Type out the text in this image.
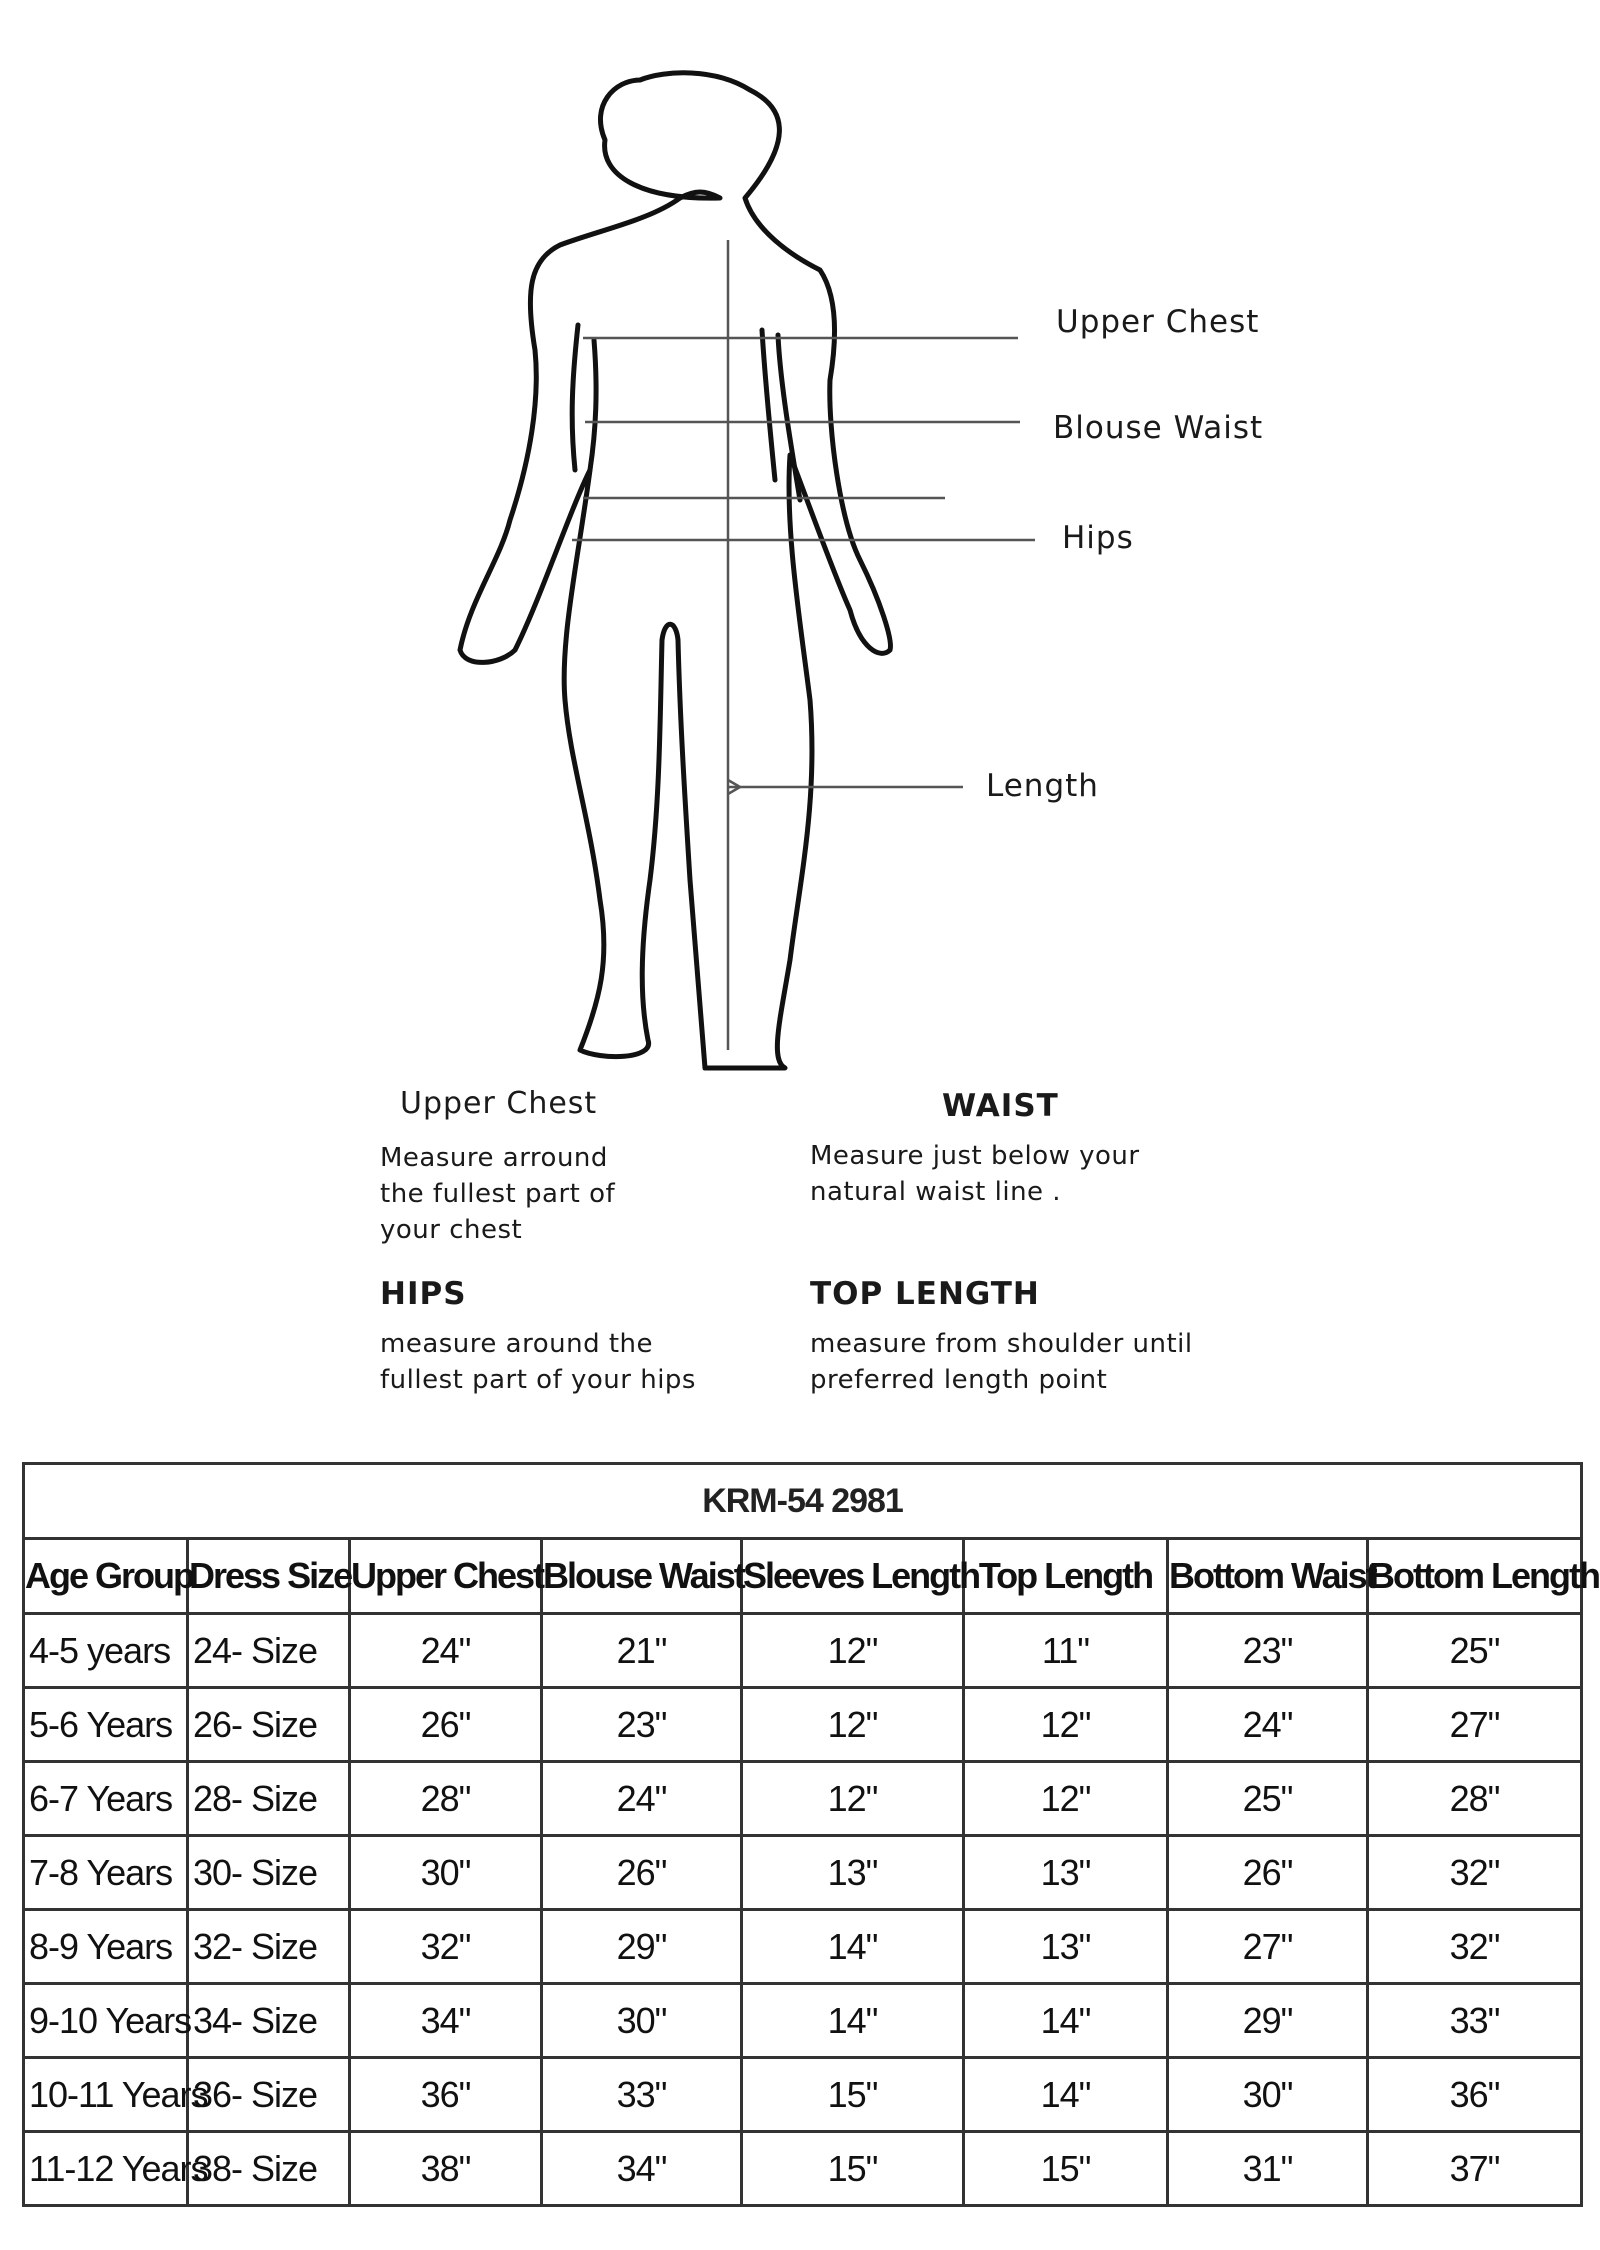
Upper Chest
Blouse Waist
Hips
Length
Upper Chest
Measure arround
the fullest part of
your chest
WAIST
Measure just below your
natural waist line .
HIPS
measure around the
fullest part of your hips
TOP LENGTH
measure from shoulder until
preferred length point
KRM-54 2981							
Age Group	Dress Size	Upper Chest	Blouse Waist	Sleeves Length	Top Length	Bottom Waist	Bottom Length
4-5 years	24- Size	24"	21"	12"	11"	23"	25"
5-6 Years	26- Size	26"	23"	12"	12"	24"	27"
6-7 Years	28- Size	28"	24"	12"	12"	25"	28"
7-8 Years	30- Size	30"	26"	13"	13"	26"	32"
8-9 Years	32- Size	32"	29"	14"	13"	27"	32"
9-10 Years	34- Size	34"	30"	14"	14"	29"	33"
10-11 Years	36- Size	36"	33"	15"	14"	30"	36"
11-12 Years	38- Size	38"	34"	15"	15"	31"	37"
